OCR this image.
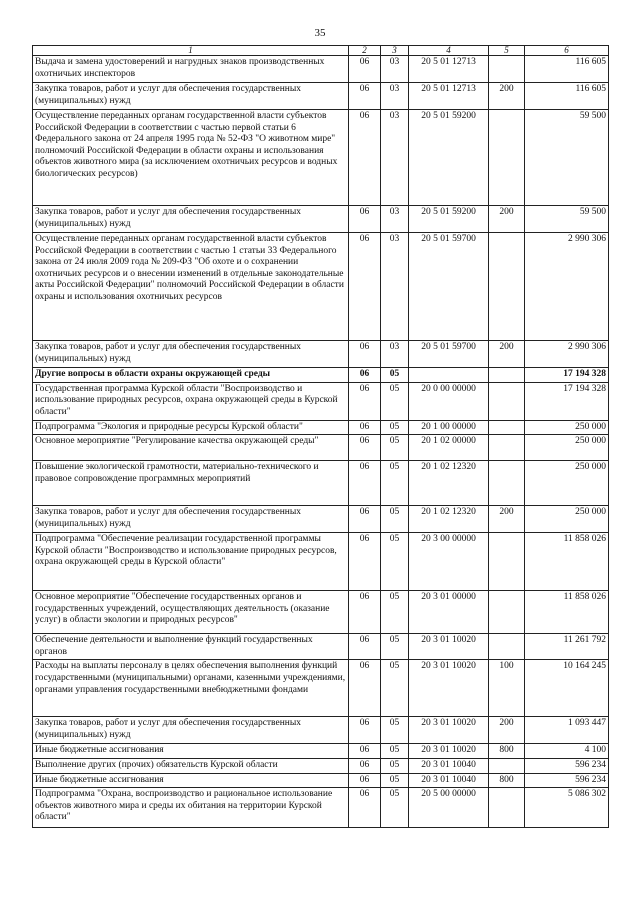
35
1	2	3	4	5	6
Выдача и замена удостоверений и нагрудных знаков производственных охотничьих инспекторов	06	03	20 5 01 12713		116 605
Закупка товаров, работ и услуг для обеспечения государственных (муниципальных) нужд	06	03	20 5 01 12713	200	116 605
Осуществление переданных органам государственной власти субъектов Российской Федерации в соответствии с частью первой статьи 6 Федерального закона от 24 апреля 1995 года № 52-ФЗ "О животном мире" полномочий Российской Федерации в области охраны и использования объектов животного мира (за исключением охотничьих ресурсов и водных биологических ресурсов)	06	03	20 5 01 59200		59 500
Закупка товаров, работ и услуг для обеспечения государственных (муниципальных) нужд	06	03	20 5 01 59200	200	59 500
Осуществление переданных органам государственной власти субъектов Российской Федерации в соответствии с частью 1 статьи 33 Федерального закона от 24 июля 2009 года № 209-ФЗ "Об охоте и о сохранении охотничьих ресурсов и о внесении изменений в отдельные законодательные акты Российской Федерации" полномочий Российской Федерации в области охраны и использования охотничьих ресурсов	06	03	20 5 01 59700		2 990 306
Закупка товаров, работ и услуг для обеспечения государственных (муниципальных) нужд	06	03	20 5 01 59700	200	2 990 306
Другие вопросы в области охраны окружающей среды	06	05			17 194 328
Государственная программа Курской области "Воспроизводство и использование природных ресурсов, охрана окружающей среды в Курской области"	06	05	20 0 00 00000		17 194 328
Подпрограмма "Экология и природные ресурсы Курской области"	06	05	20 1 00 00000		250 000
Основное мероприятие "Регулирование качества окружающей среды"	06	05	20 1 02 00000		250 000
Повышение экологической грамотности, материально-технического и правовое сопровождение программных мероприятий	06	05	20 1 02 12320		250 000
Закупка товаров, работ и услуг для обеспечения государственных (муниципальных) нужд	06	05	20 1 02 12320	200	250 000
Подпрограмма "Обеспечение реализации государственной программы Курской области "Воспроизводство и использование природных ресурсов, охрана окружающей среды в Курской области"	06	05	20 3 00 00000		11 858 026
Основное мероприятие "Обеспечение государственных органов и государственных учреждений, осуществляющих деятельность (оказание услуг) в области экологии и природных ресурсов"	06	05	20 3 01 00000		11 858 026
Обеспечение деятельности и выполнение функций государственных органов	06	05	20 3 01 10020		11 261 792
Расходы на выплаты персоналу в целях обеспечения выполнения функций государственными (муниципальными) органами, казенными учреждениями, органами управления государственными внебюджетными фондами	06	05	20 3 01 10020	100	10 164 245
Закупка товаров, работ и услуг для обеспечения государственных (муниципальных) нужд	06	05	20 3 01 10020	200	1 093 447
Иные бюджетные ассигнования	06	05	20 3 01 10020	800	4 100
Выполнение других (прочих) обязательств Курской области	06	05	20 3 01 10040		596 234
Иные бюджетные ассигнования	06	05	20 3 01 10040	800	596 234
Подпрограмма "Охрана, воспроизводство и рациональное использование объектов животного мира и среды их обитания на территории Курской области"	06	05	20 5 00 00000		5 086 302
